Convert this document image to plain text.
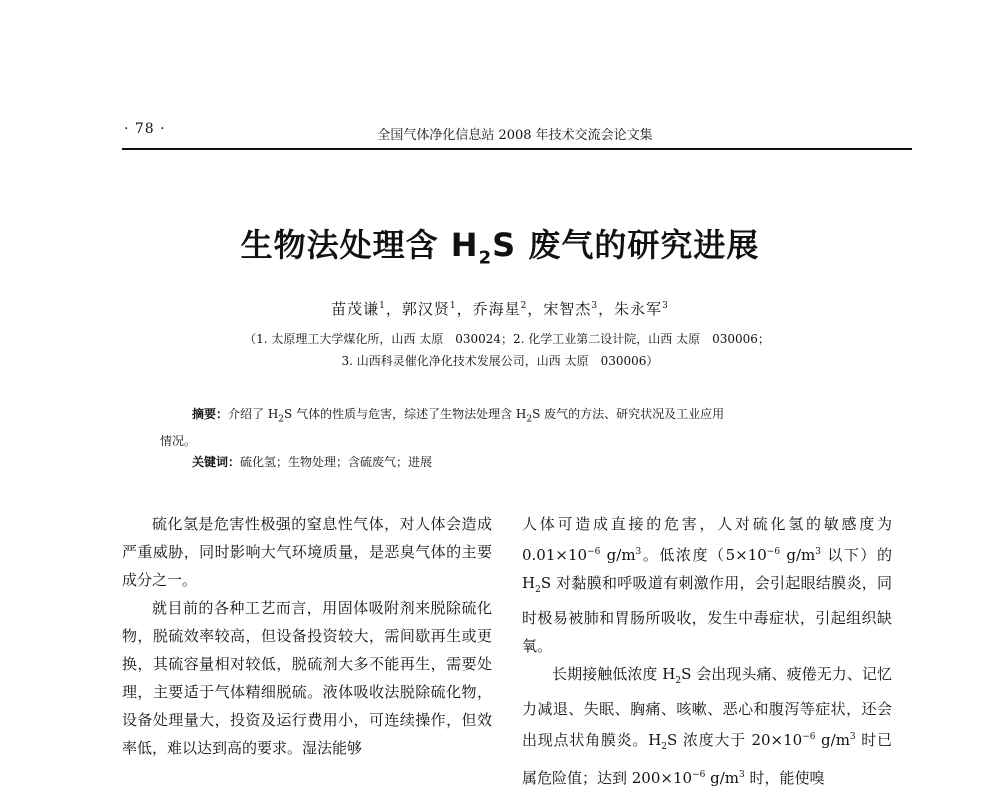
· 78 ·	全国气体净化信息站 2008 年技术交流会论文集
生物法处理含 $H_2S$ 废气的研究进展
苗茂谦$^1$，郭汉贤$^1$，乔海星$^2$，宋智杰$^3$，朱永军$^3$
（1. 太原理工大学煤化所，山西 太原　030024；2. 化学工业第二设计院，山西 太原　030006；
3. 山西科灵催化净化技术发展公司，山西 太原　030006）
摘要：介绍了 $H_2S$ 气体的性质与危害，综述了生物法处理含 $H_2S$ 废气的方法、研究状况及工业应用
情况。
关键词：硫化氢；生物处理；含硫废气；进展

硫化氢是危害性极强的窒息性气体，对人体会造成严重威胁，同时影响大气环境质量，是恶臭气体的主要成分之一。

就目前的各种工艺而言，用固体吸附剂来脱除硫化物，脱硫效率较高，但设备投资较大，需间歇再生或更换，其硫容量相对较低，脱硫剂大多不能再生，需要处理，主要适于气体精细脱硫。液体吸收法脱除硫化物，设备处理量大，投资及运行费用小，可连续操作，但效率低，难以达到高的要求。湿法能够

人体可造成直接的危害，人对硫化氢的敏感度为 $0.01\times 10^{-6}$ $g/m^3$。低浓度（$5\times 10^{-6}$ $g/m^3$ 以下）的 $H_2S$ 对黏膜和呼吸道有刺激作用，会引起眼结膜炎，同时极易被肺和胃肠所吸收，发生中毒症状，引起组织缺氧。

长期接触低浓度 $H_2S$ 会出现头痛、疲倦无力、记忆力减退、失眠、胸痛、咳嗽、恶心和腹泻等症状，还会出现点状角膜炎。$H_2S$ 浓度大于 $20\times 10^{-6}$ $g/m^3$ 时已属危险值；达到 $200\times 10^{-6}$ $g/m^3$ 时，能使嗅
